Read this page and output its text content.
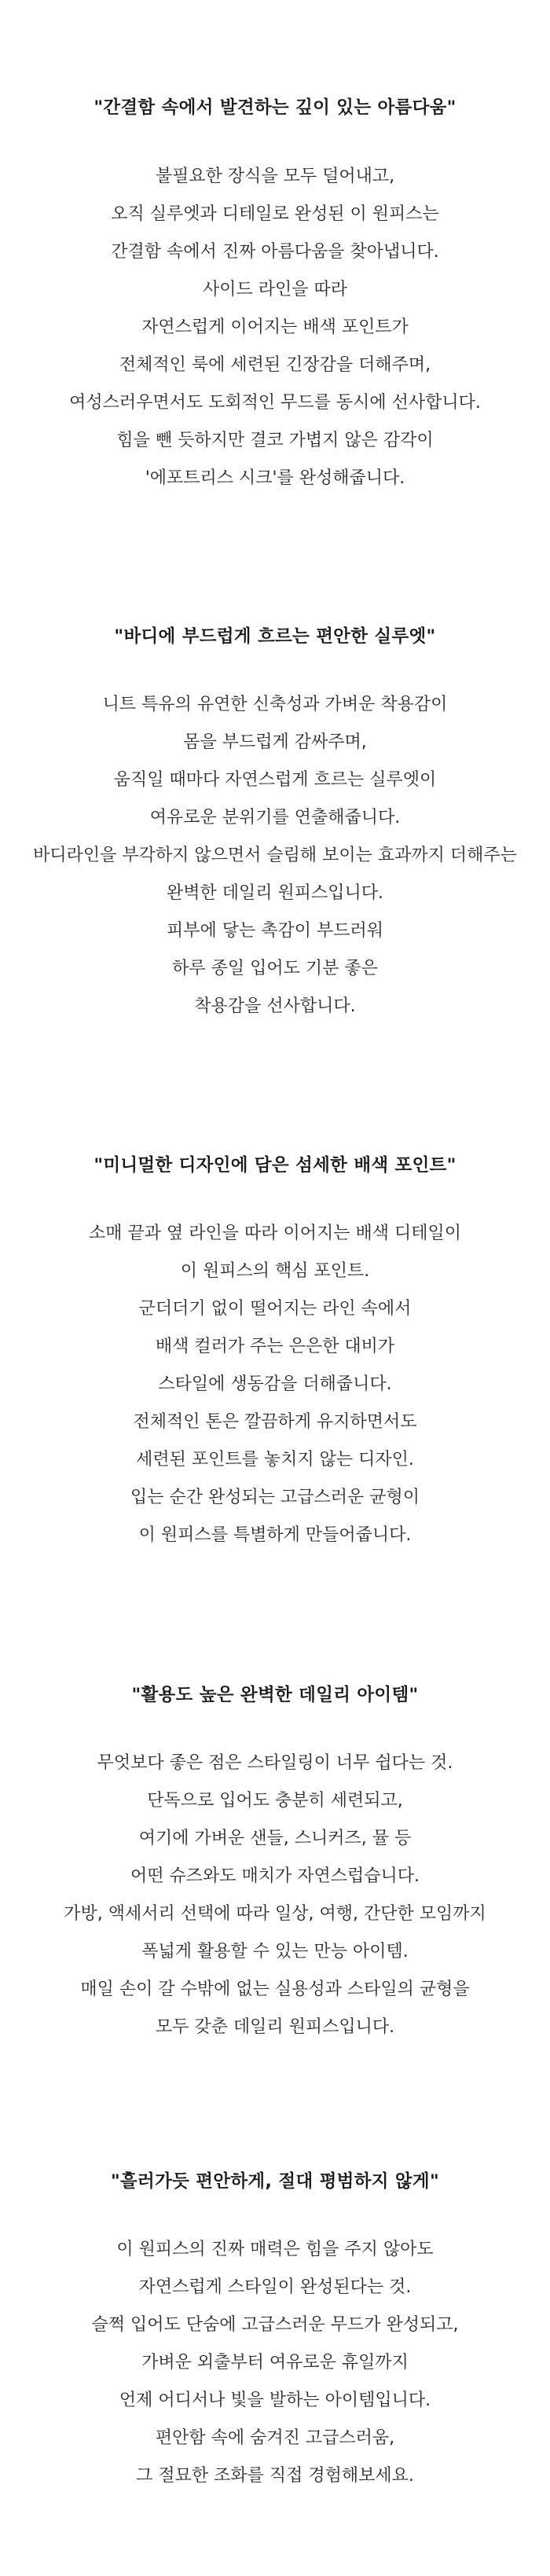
"간결함 속에서 발견하는 깊이 있는 아름다움"
불필요한 장식을 모두 덜어내고,
오직 실루엣과 디테일로 완성된 이 원피스는
간결함 속에서 진짜 아름다움을 찾아냅니다.
사이드 라인을 따라
자연스럽게 이어지는 배색 포인트가
전체적인 룩에 세련된 긴장감을 더해주며,
여성스러우면서도 도회적인 무드를 동시에 선사합니다.
힘을 뺀 듯하지만 결코 가볍지 않은 감각이
'에포트리스 시크'를 완성해줍니다.
"바디에 부드럽게 흐르는 편안한 실루엣"
니트 특유의 유연한 신축성과 가벼운 착용감이
몸을 부드럽게 감싸주며,
움직일 때마다 자연스럽게 흐르는 실루엣이
여유로운 분위기를 연출해줍니다.
바디라인을 부각하지 않으면서 슬림해 보이는 효과까지 더해주는
완벽한 데일리 원피스입니다.
피부에 닿는 촉감이 부드러워
하루 종일 입어도 기분 좋은
착용감을 선사합니다.
"미니멀한 디자인에 담은 섬세한 배색 포인트"
소매 끝과 옆 라인을 따라 이어지는 배색 디테일이
이 원피스의 핵심 포인트.
군더더기 없이 떨어지는 라인 속에서
배색 컬러가 주는 은은한 대비가
스타일에 생동감을 더해줍니다.
전체적인 톤은 깔끔하게 유지하면서도
세련된 포인트를 놓치지 않는 디자인.
입는 순간 완성되는 고급스러운 균형이
이 원피스를 특별하게 만들어줍니다.
"활용도 높은 완벽한 데일리 아이템"
무엇보다 좋은 점은 스타일링이 너무 쉽다는 것.
단독으로 입어도 충분히 세련되고,
여기에 가벼운 샌들, 스니커즈, 뮬 등
어떤 슈즈와도 매치가 자연스럽습니다.
가방, 액세서리 선택에 따라 일상, 여행, 간단한 모임까지
폭넓게 활용할 수 있는 만능 아이템.
매일 손이 갈 수밖에 없는 실용성과 스타일의 균형을
모두 갖춘 데일리 원피스입니다.
"흘러가듯 편안하게, 절대 평범하지 않게"
이 원피스의 진짜 매력은 힘을 주지 않아도
자연스럽게 스타일이 완성된다는 것.
슬쩍 입어도 단숨에 고급스러운 무드가 완성되고,
가벼운 외출부터 여유로운 휴일까지
언제 어디서나 빛을 발하는 아이템입니다.
편안함 속에 숨겨진 고급스러움,
그 절묘한 조화를 직접 경험해보세요.
